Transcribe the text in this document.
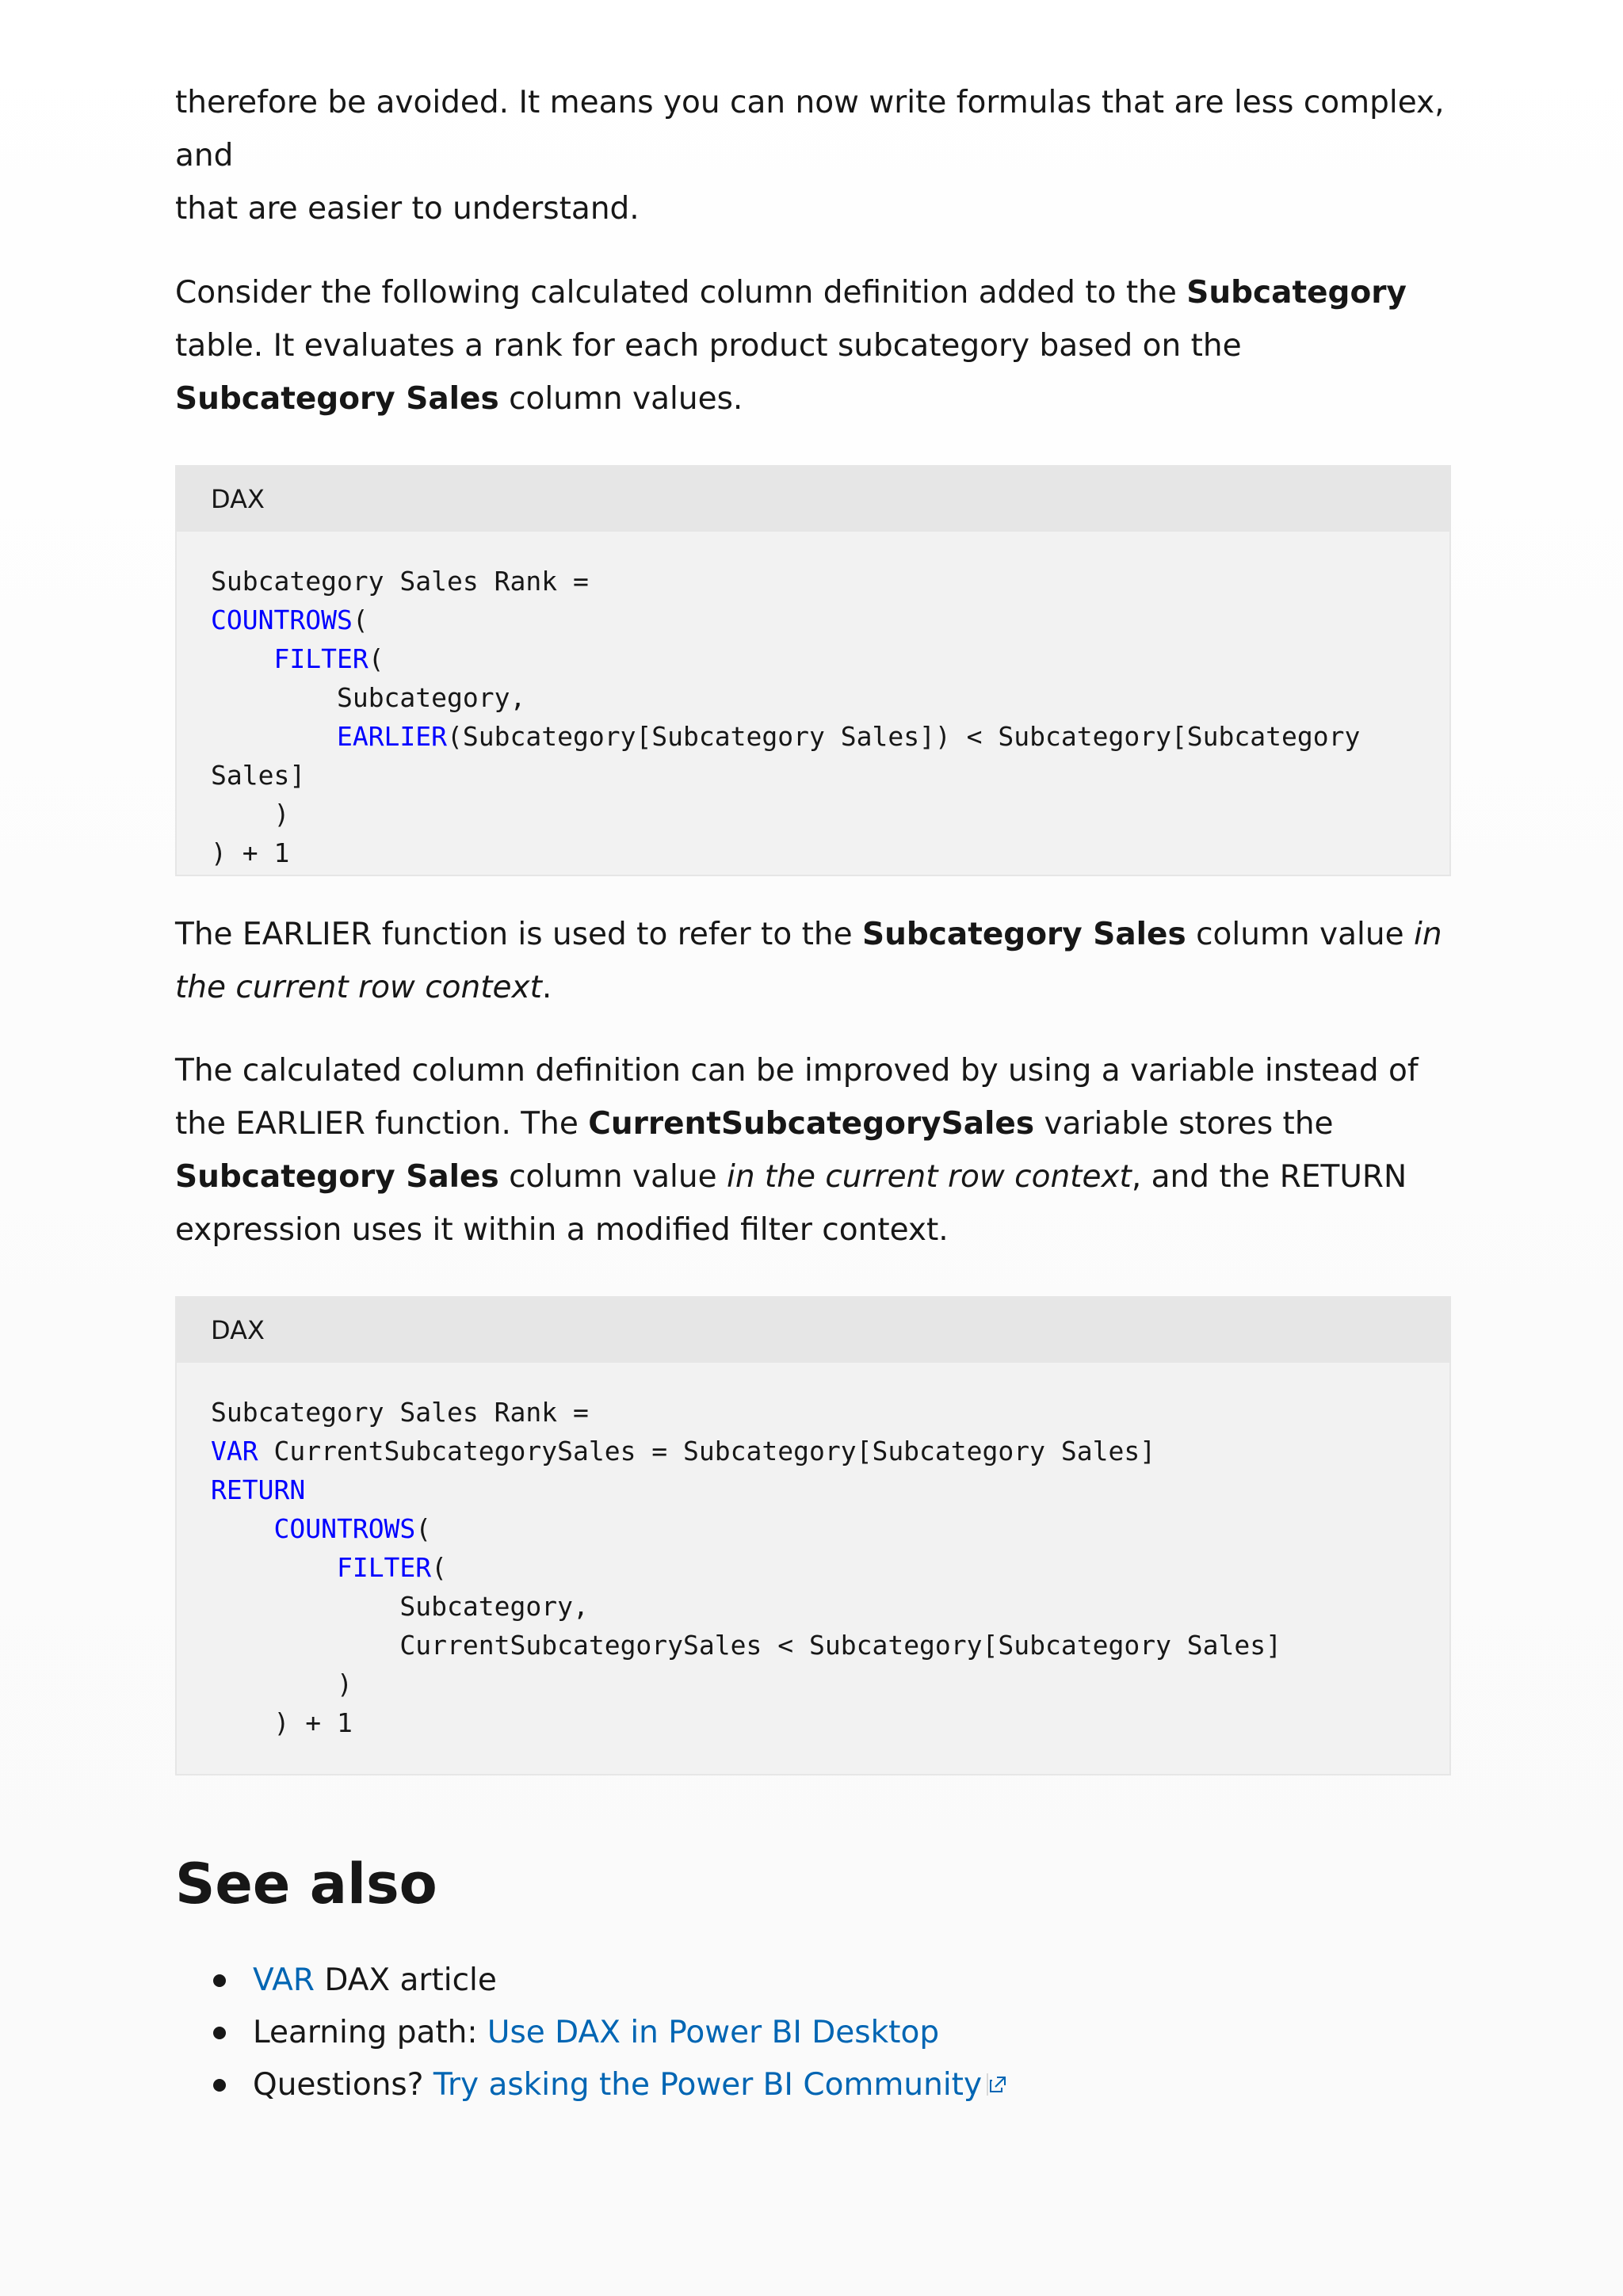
therefore be avoided. It means you can now write formulas that are less complex, and
that are easier to understand.

Consider the following calculated column definition added to the Subcategory table. It evaluates a rank for each product subcategory based on the Subcategory Sales column values.

DAX
Subcategory Sales Rank =
COUNTROWS(
FILTER(
Subcategory,
EARLIER(Subcategory[Subcategory Sales]) < Subcategory[Subcategory
Sales]
)
) + 1

The EARLIER function is used to refer to the Subcategory Sales column value in the current row context.

The calculated column definition can be improved by using a variable instead of the EARLIER function. The CurrentSubcategorySales variable stores the Subcategory Sales column value in the current row context, and the RETURN expression uses it within a modified filter context.

DAX
Subcategory Sales Rank =
VAR CurrentSubcategorySales = Subcategory[Subcategory Sales]
RETURN
COUNTROWS(
FILTER(
Subcategory,
CurrentSubcategorySales < Subcategory[Subcategory Sales]
)
) + 1
See also
VAR DAX article
Learning path: Use DAX in Power BI Desktop
Questions? Try asking the Power BI Community
